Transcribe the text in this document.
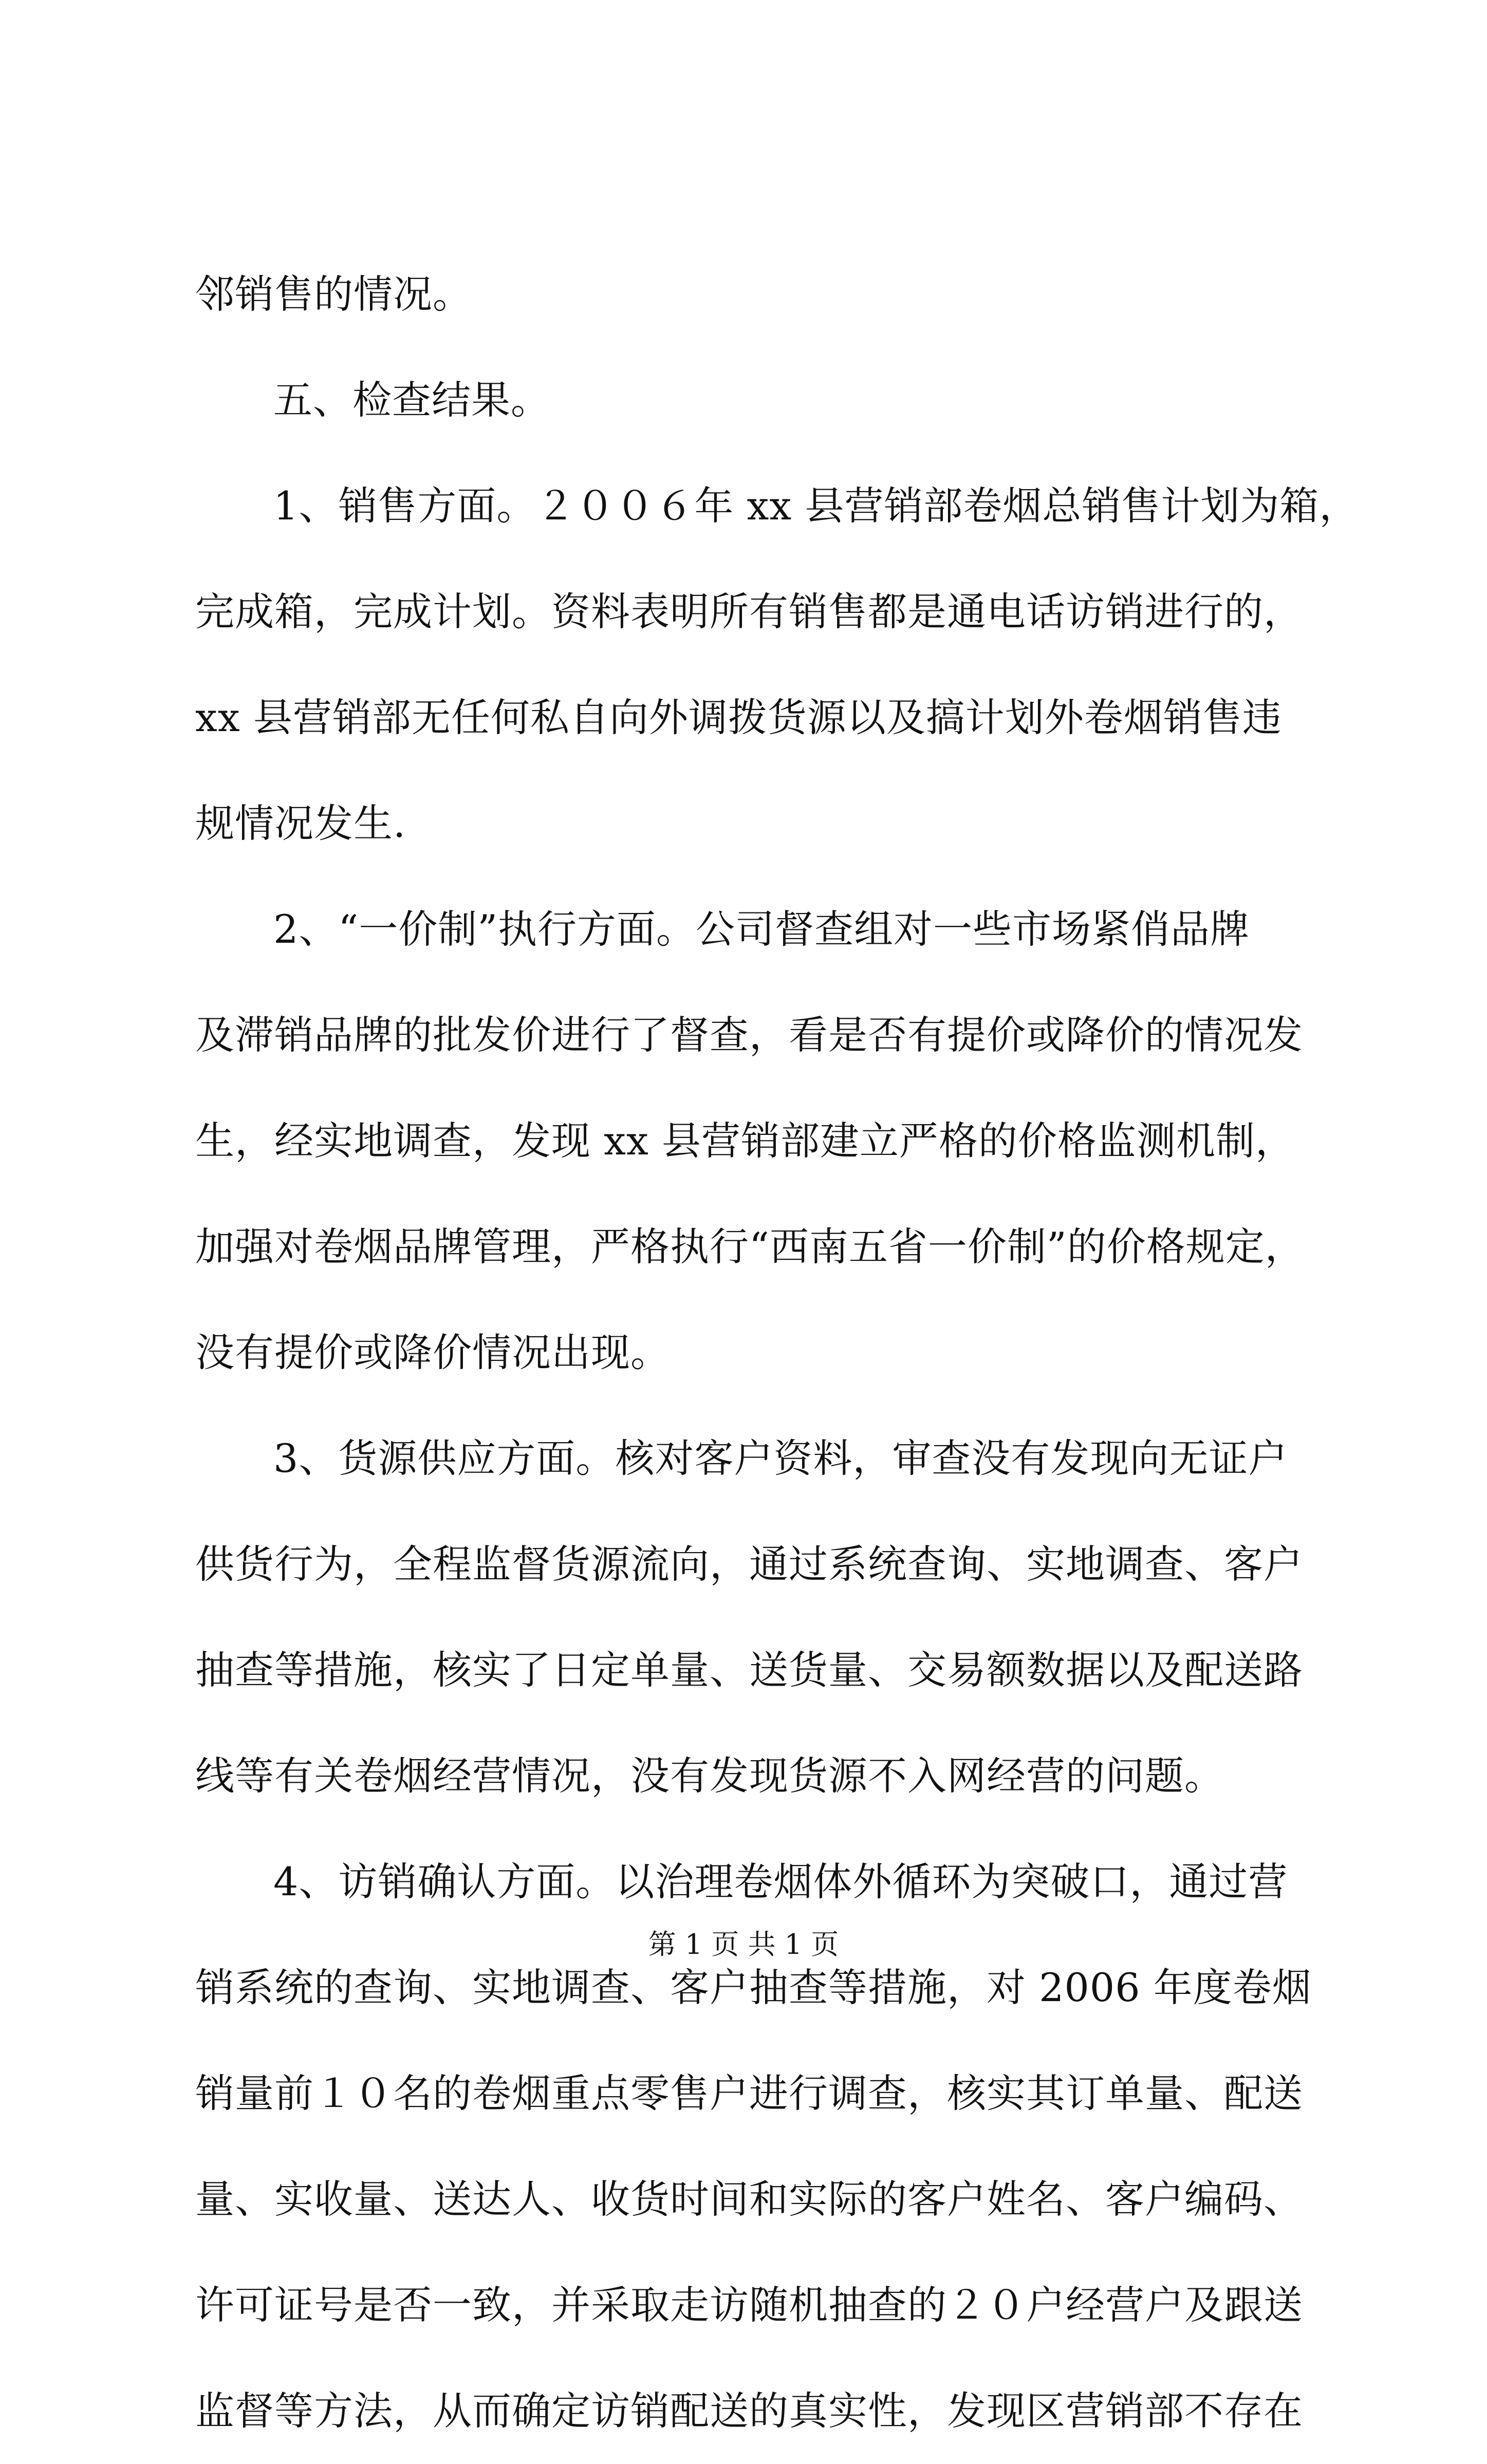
邻销售的情况。
五、检查结果。
1、销售方面。２００６年 xx 县营销部卷烟总销售计划为箱，
完成箱，完成计划。资料表明所有销售都是通电话访销进行的，
xx 县营销部无任何私自向外调拨货源以及搞计划外卷烟销售违
规情况发生.
2、“一价制”执行方面。公司督查组对一些市场紧俏品牌
及滞销品牌的批发价进行了督查，看是否有提价或降价的情况发
生，经实地调查，发现 xx 县营销部建立严格的价格监测机制，
加强对卷烟品牌管理，严格执行“西南五省一价制”的价格规定，
没有提价或降价情况出现。
3、货源供应方面。核对客户资料，审查没有发现向无证户
供货行为，全程监督货源流向，通过系统查询、实地调查、客户
抽查等措施，核实了日定单量、送货量、交易额数据以及配送路
线等有关卷烟经营情况，没有发现货源不入网经营的问题。
4、访销确认方面。以治理卷烟体外循环为突破口，通过营
销系统的查询、实地调查、客户抽查等措施，对 2006 年度卷烟
销量前１０名的卷烟重点零售户进行调查，核实其订单量、配送
量、实收量、送达人、收货时间和实际的客户姓名、客户编码、
许可证号是否一致，并采取走访随机抽查的２０户经营户及跟送
监督等方法，从而确定访销配送的真实性，发现区营销部不存在
第 1 页 共 1 页
